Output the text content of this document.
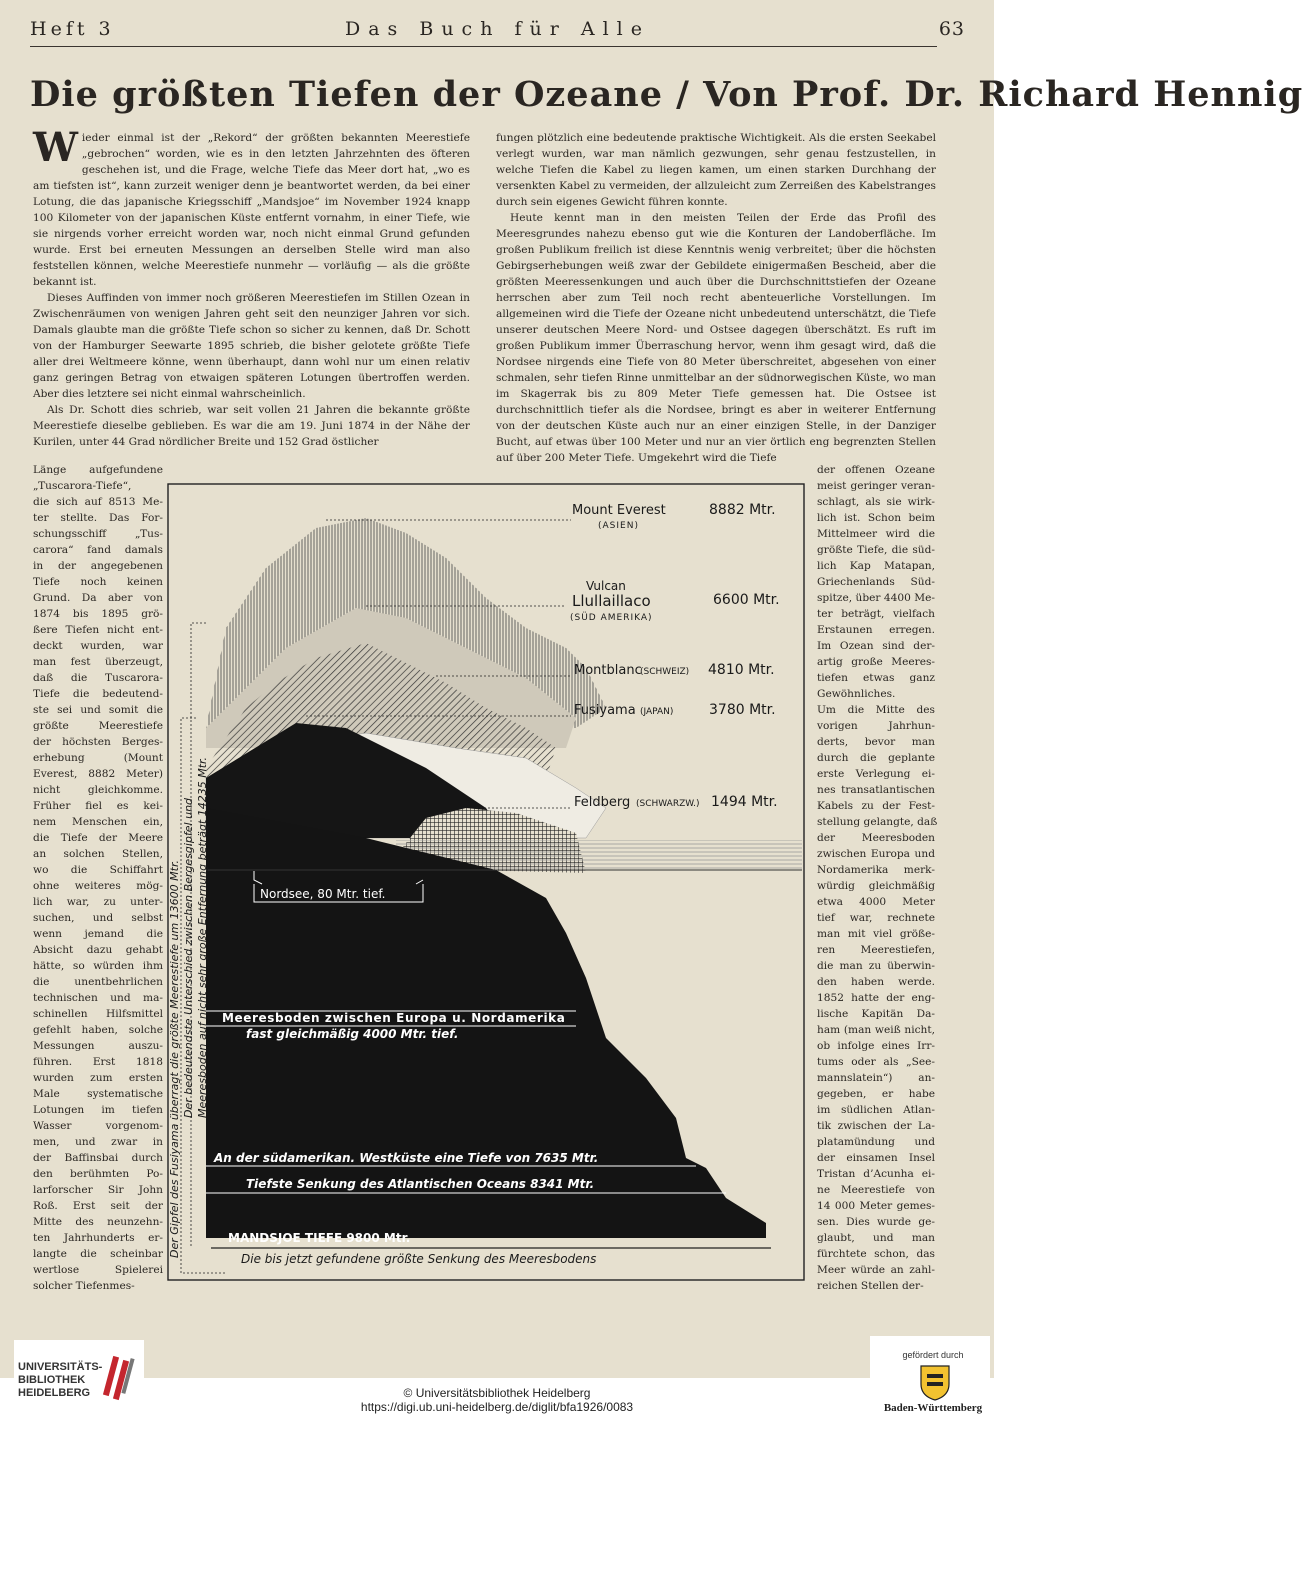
Heft 3	Das Buch für Alle	63
Die größten Tiefen der Ozeane / Von Prof. Dr. Richard Hennig

Wieder einmal ist der „Rekord“ der größten bekannten Meerestiefe „gebrochen“ worden, wie es in den letzten Jahrzehnten des öfteren geschehen ist, und die Frage, welche Tiefe das Meer dort hat, „wo es am tiefsten ist“, kann zurzeit weniger denn je beantwortet werden, da bei einer Lotung, die das japanische Kriegsschiff „Mandsjoe“ im November 1924 knapp 100 Kilometer von der japanischen Küste entfernt vornahm, in einer Tiefe, wie sie nirgends vorher erreicht worden war, noch nicht einmal Grund gefunden wurde. Erst bei erneuten Messungen an derselben Stelle wird man also feststellen können, welche Meerestiefe nunmehr — vorläufig — als die größte bekannt ist.

Dieses Auffinden von immer noch größeren Meerestiefen im Stillen Ozean in Zwischenräumen von wenigen Jahren geht seit den neunziger Jahren vor sich. Damals glaubte man die größte Tiefe schon so sicher zu kennen, daß Dr. Schott von der Hamburger Seewarte 1895 schrieb, die bisher gelotete größte Tiefe aller drei Weltmeere könne, wenn überhaupt, dann wohl nur um einen relativ ganz geringen Betrag von etwaigen späteren Lotungen übertroffen werden. Aber dies letztere sei nicht einmal wahrscheinlich.

Als Dr. Schott dies schrieb, war seit vollen 21 Jahren die bekannte größte Meerestiefe dieselbe geblieben. Es war die am 19. Juni 1874 in der Nähe der Kurilen, unter 44 Grad nördlicher Breite und 152 Grad östlicher

fungen plötzlich eine bedeutende praktische Wichtigkeit. Als die ersten Seekabel verlegt wurden, war man nämlich gezwungen, sehr genau festzustellen, in welche Tiefen die Kabel zu liegen kamen, um einen starken Durchhang der versenkten Kabel zu vermeiden, der allzuleicht zum Zerreißen des Kabelstranges durch sein eigenes Gewicht führen konnte.

Heute kennt man in den meisten Teilen der Erde das Profil des Meeresgrundes nahezu ebenso gut wie die Konturen der Landoberfläche. Im großen Publikum freilich ist diese Kenntnis wenig verbreitet; über die höchsten Gebirgserhebungen weiß zwar der Gebildete einigermaßen Bescheid, aber die größten Meeressenkungen und auch über die Durchschnittstiefen der Ozeane herrschen aber zum Teil noch recht abenteuerliche Vorstellungen. Im allgemeinen wird die Tiefe der Ozeane nicht unbedeutend unterschätzt, die Tiefe unserer deutschen Meere Nord- und Ostsee dagegen überschätzt. Es ruft im großen Publikum immer Überraschung hervor, wenn ihm gesagt wird, daß die Nordsee nirgends eine Tiefe von 80 Meter überschreitet, abgesehen von einer schmalen, sehr tiefen Rinne unmittelbar an der südnorwegischen Küste, wo man im Skagerrak bis zu 809 Meter Tiefe gemessen hat. Die Ostsee ist durchschnittlich tiefer als die Nordsee, bringt es aber in weiterer Entfernung von der deutschen Küste auch nur an einer einzigen Stelle, in der Danziger Bucht, auf etwas über 100 Meter und nur an vier örtlich eng begrenzten Stellen auf über 200 Meter Tiefe. Umgekehrt wird die Tiefe

Länge aufgefundene
„Tuscarora-Tiefe“,
die sich auf 8513 Me-
ter stellte. Das For-
schungsschiff „Tus-
carora“ fand damals
in der angegebenen
Tiefe noch keinen
Grund. Da aber von
1874 bis 1895 grö-
ßere Tiefen nicht ent-
deckt wurden, war
man fest überzeugt,
daß die Tuscarora-
Tiefe die bedeutend-
ste sei und somit die
größte Meerestiefe
der höchsten Berges-
erhebung (Mount
Everest, 8882 Meter)
nicht gleichkomme.
Früher fiel es kei-
nem Menschen ein,
die Tiefe der Meere
an solchen Stellen,
wo die Schiffahrt
ohne weiteres mög-
lich war, zu unter-
suchen, und selbst
wenn jemand die
Absicht dazu gehabt
hätte, so würden ihm
die unentbehrlichen
technischen und ma-
schinellen Hilfsmittel
gefehlt haben, solche
Messungen auszu-
führen. Erst 1818
wurden zum ersten
Male systematische
Lotungen im tiefen
Wasser vorgenom-
men, und zwar in
der Baffinsbai durch
den berühmten Po-
larforscher Sir John
Roß. Erst seit der
Mitte des neunzehn-
ten Jahrhunderts er-
langte die scheinbar
wertlose Spielerei
solcher Tiefenmes-
der offenen Ozeane
meist geringer veran-
schlagt, als sie wirk-
lich ist. Schon beim
Mittelmeer wird die
größte Tiefe, die süd-
lich Kap Matapan,
Griechenlands Süd-
spitze, über 4400 Me-
ter beträgt, vielfach
Erstaunen erregen.
Im Ozean sind der-
artig große Meeres-
tiefen etwas ganz
Gewöhnliches.
Um die Mitte des
vorigen Jahrhun-
derts, bevor man
durch die geplante
erste Verlegung ei-
nes transatlantischen
Kabels zu der Fest-
stellung gelangte, daß
der Meeresboden
zwischen Europa und
Nordamerika merk-
würdig gleichmäßig
etwa 4000 Meter
tief war, rechnete
man mit viel größe-
ren Meerestiefen,
die man zu überwin-
den haben werde.
1852 hatte der eng-
lische Kapitän Da-
ham (man weiß nicht,
ob infolge eines Irr-
tums oder als „See-
mannslatein“) an-
gegeben, er habe
im südlichen Atlan-
tik zwischen der La-
platamündung und
der einsamen Insel
Tristan d’Acunha ei-
ne Meerestiefe von
14 000 Meter gemes-
sen. Dies wurde ge-
glaubt, und man
fürchtete schon, das
Meer würde an zahl-
reichen Stellen der-
Mount Everest
(ASIEN)
8882 Mtr.
Vulcan
Llullaillaco
(SÜD AMERIKA)
6600 Mtr.
Montblanc
(SCHWEIZ) 4810 Mtr.
Fusiyama (JAPAN)	3780 Mtr.
Feldberg (SCHWARZW.) 1494 Mtr.
Nordsee, 80 Mtr. tief.
Meeresboden zwischen Europa u. Nordamerika
fast gleichmäßig 4000 Mtr. tief.
An der südamerikan. Westküste eine Tiefe von 7635 Mtr.
Tiefste Senkung des Atlantischen Oceans 8341 Mtr.
MANDSJOE TIEFE 9800 Mtr.
Die bis jetzt gefundene größte Senkung des Meeresbodens
Der Gipfel des Fusiyama überragt die größte Meerestiefe um 13600 Mtr. Der bedeutendste Unterschied zwischen Bergesgipfel und Meeresboden auf nicht sehr große Entfernung beträgt 14235 Mtr.
UNIVERSITÄTS-
BIBLIOTHEK
HEIDELBERG
gefördert durch
Baden-Württemberg
© Universitätsbibliothek Heidelberg
https://digi.ub.uni-heidelberg.de/diglit/bfa1926/0083
